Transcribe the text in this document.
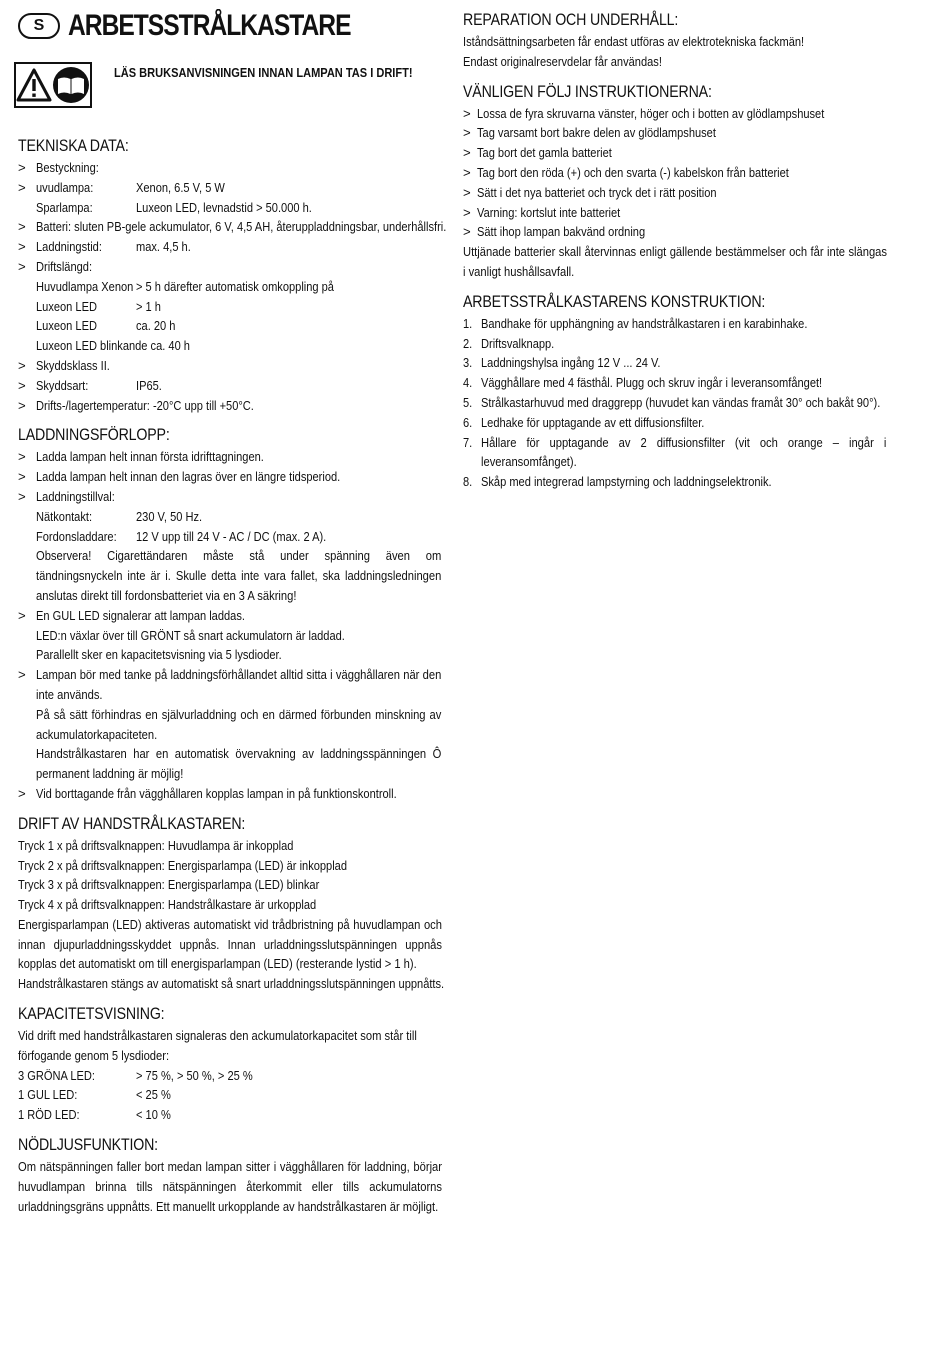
S ARBETSSTRÅLKASTARE
LÄS BRUKSANVISNINGEN INNAN LAMPAN TAS I DRIFT!
TEKNISKA DATA:
> Bestyckning:
> uvudlampa:	Xenon, 6.5 V, 5 W
Sparlampa:	Luxeon LED, levnadstid > 50.000 h.
> Batteri: sluten PB-gele ackumulator, 6 V, 4,5 AH, återuppladdningsbar, underhållsfri.
> Laddningstid:	max. 4,5 h.
> Driftslängd:
Huvudlampa Xenon > 5 h därefter automatisk omkoppling på
Luxeon LED	> 1 h
Luxeon LED	ca. 20 h
Luxeon LED blinkande ca. 40 h
> Skyddsklass II.
> Skyddsart:	IP65.
> Drifts-/lagertemperatur: -20°C upp till +50°C.
LADDNINGSFÖRLOPP:
> Ladda lampan helt innan första idrifttagningen.
> Ladda lampan helt innan den lagras över en längre tidsperiod.
> Laddningstillval:
Nätkontakt:	230 V, 50 Hz.
Fordonsladdare:	12 V upp till 24 V - AC / DC (max. 2 A).
Observera! Cigarettändaren måste stå under spänning även om tändningsnyckeln inte är i. Skulle detta inte vara fallet, ska laddningsledningen anslutas direkt till fordonsbatteriet via en 3 A säkring!
> En GUL LED signalerar att lampan laddas.
LED:n växlar över till GRÖNT så snart ackumulatorn är laddad.
Parallellt sker en kapacitetsvisning via 5 lysdioder.
> Lampan bör med tanke på laddningsförhållandet alltid sitta i vägghållaren när den inte används.
På så sätt förhindras en självurladdning och en därmed förbunden minskning av ackumulatorkapaciteten.
Handstrålkastaren har en automatisk övervakning av laddningsspänningen Ô permanent laddning är möjlig!
> Vid borttagande från vägghållaren kopplas lampan in på funktionskontroll.
DRIFT AV HANDSTRÅLKASTAREN:
Tryck 1 x på driftsvalknappen: Huvudlampa är inkopplad
Tryck 2 x på driftsvalknappen: Energisparlampa (LED) är inkopplad
Tryck 3 x på driftsvalknappen: Energisparlampa (LED) blinkar
Tryck 4 x på driftsvalknappen: Handstrålkastare är urkopplad
Energisparlampan (LED) aktiveras automatiskt vid trådbristning på huvudlampan och innan djupurladdningsskyddet uppnås. Innan urladdningsslutspänningen uppnås kopplas det automatiskt om till energisparlampan (LED) (resterande lystid > 1 h).
Handstrålkastaren stängs av automatiskt så snart urladdningsslutspänningen uppnåtts.
KAPACITETSVISNING:
Vid drift med handstrålkastaren signaleras den ackumulatorkapacitet som står till förfogande genom 5 lysdioder:
3 GRÖNA LED:	> 75 %, > 50 %, > 25 %
1 GUL LED:	< 25 %
1 RÖD LED:	< 10 %
NÖDLJUSFUNKTION:
Om nätspänningen faller bort medan lampan sitter i vägghållaren för laddning, börjar huvudlampan brinna tills nätspänningen återkommit eller tills ackumulatorns urladdningsgräns uppnåtts. Ett manuellt urkopplande av handstrålkastaren är möjligt.
REPARATION OCH UNDERHÅLL:
Iståndsättningsarbeten får endast utföras av elektrotekniska fackmän!
Endast originalreservdelar får användas!
VÄNLIGEN FÖLJ INSTRUKTIONERNA:
> Lossa de fyra skruvarna vänster, höger och i botten av glödlampshuset
> Tag varsamt bort bakre delen av glödlampshuset
> Tag bort det gamla batteriet
> Tag bort den röda (+) och den svarta (-) kabelskon från batteriet
> Sätt i det nya batteriet och tryck det i rätt position
> Varning: kortslut inte batteriet
> Sätt ihop lampan bakvänd ordning
Uttjänade batterier skall återvinnas enligt gällende bestämmelser och får inte slängas i vanligt hushållsavfall.
ARBETSSTRÅLKASTARENS KONSTRUKTION:
1. Bandhake för upphängning av handstrålkastaren i en karabinhake.
2. Driftsvalknapp.
3. Laddningshylsa ingång 12 V ... 24 V.
4. Vägghållare med 4 fästhål. Plugg och skruv ingår i leveransomfånget!
5. Strålkastarhuvud med draggrepp (huvudet kan vändas framåt 30° och bakåt 90°).
6. Ledhake för upptagande av ett diffusionsfilter.
7. Hållare för upptagande av 2 diffusionsfilter (vit och orange – ingår i leveransomfånget).
8. Skåp med integrerad lampstyrning och laddningselektronik.
